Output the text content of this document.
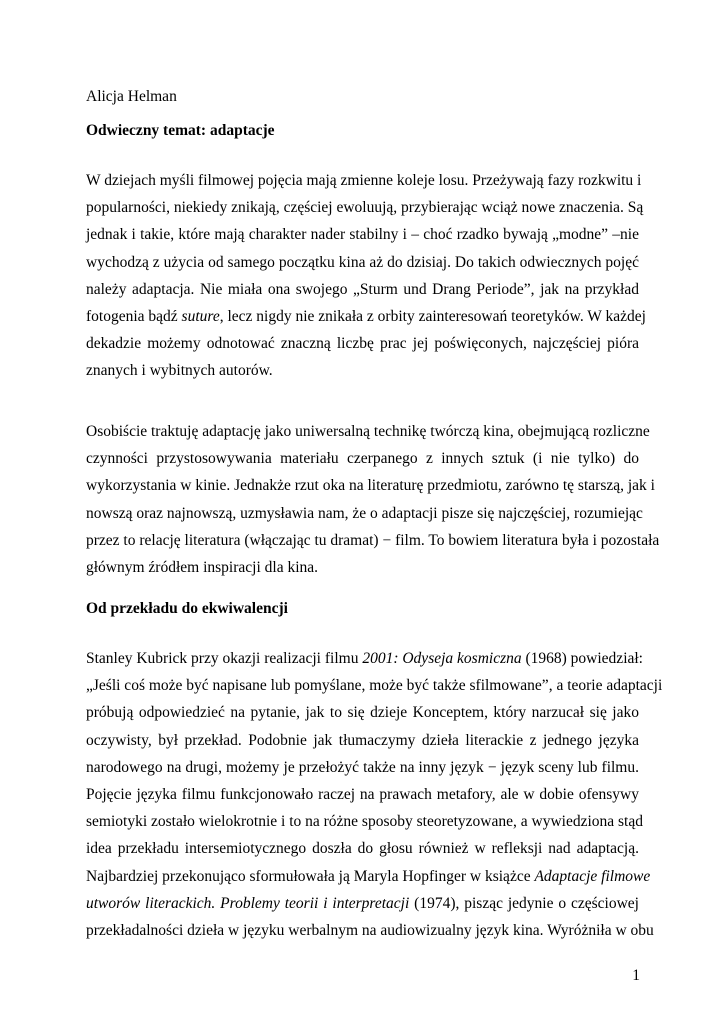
Alicja Helman

Odwieczny temat: adaptacje

W dziejach myśli filmowej pojęcia mają zmienne koleje losu. Przeżywają fazy rozkwitu i
popularności, niekiedy znikają, częściej ewoluują, przybierając wciąż nowe znaczenia. Są
jednak i takie, które mają charakter nader stabilny i – choć rzadko bywają „modne” –nie
wychodzą z użycia od samego początku kina aż do dzisiaj. Do takich odwiecznych pojęć
należy adaptacja. Nie miała ona swojego „Sturm und Drang Periode”, jak na przykład
fotogenia bądź suture, lecz nigdy nie znikała z orbity zainteresowań teoretyków. W każdej
dekadzie możemy odnotować znaczną liczbę prac jej poświęconych, najczęściej pióra
znanych i wybitnych autorów.

Osobiście traktuję adaptację jako uniwersalną technikę twórczą kina, obejmującą rozliczne
czynności przystosowywania materiału czerpanego z innych sztuk (i nie tylko) do
wykorzystania w kinie. Jednakże rzut oka na literaturę przedmiotu, zarówno tę starszą, jak i
nowszą oraz najnowszą, uzmysławia nam, że o adaptacji pisze się najczęściej, rozumiejąc
przez to relację literatura (włączając tu dramat) − film. To bowiem literatura była i pozostała
głównym źródłem inspiracji dla kina.

Od przekładu do ekwiwalencji

Stanley Kubrick przy okazji realizacji filmu 2001: Odyseja kosmiczna (1968) powiedział:
„Jeśli coś może być napisane lub pomyślane, może być także sfilmowane”, a teorie adaptacji
próbują odpowiedzieć na pytanie, jak to się dzieje Konceptem, który narzucał się jako
oczywisty, był przekład. Podobnie jak tłumaczymy dzieła literackie z jednego języka
narodowego na drugi, możemy je przełożyć także na inny język − język sceny lub filmu.
Pojęcie języka filmu funkcjonowało raczej na prawach metafory, ale w dobie ofensywy
semiotyki zostało wielokrotnie i to na różne sposoby steoretyzowane, a wywiedziona stąd
idea przekładu intersemiotycznego doszła do głosu również w refleksji nad adaptacją.
Najbardziej przekonująco sformułowała ją Maryla Hopfinger w książce Adaptacje filmowe
utworów literackich. Problemy teorii i interpretacji (1974), pisząc jedynie o częściowej
przekładalności dzieła w języku werbalnym na audiowizualny język kina. Wyróżniła w obu

1
